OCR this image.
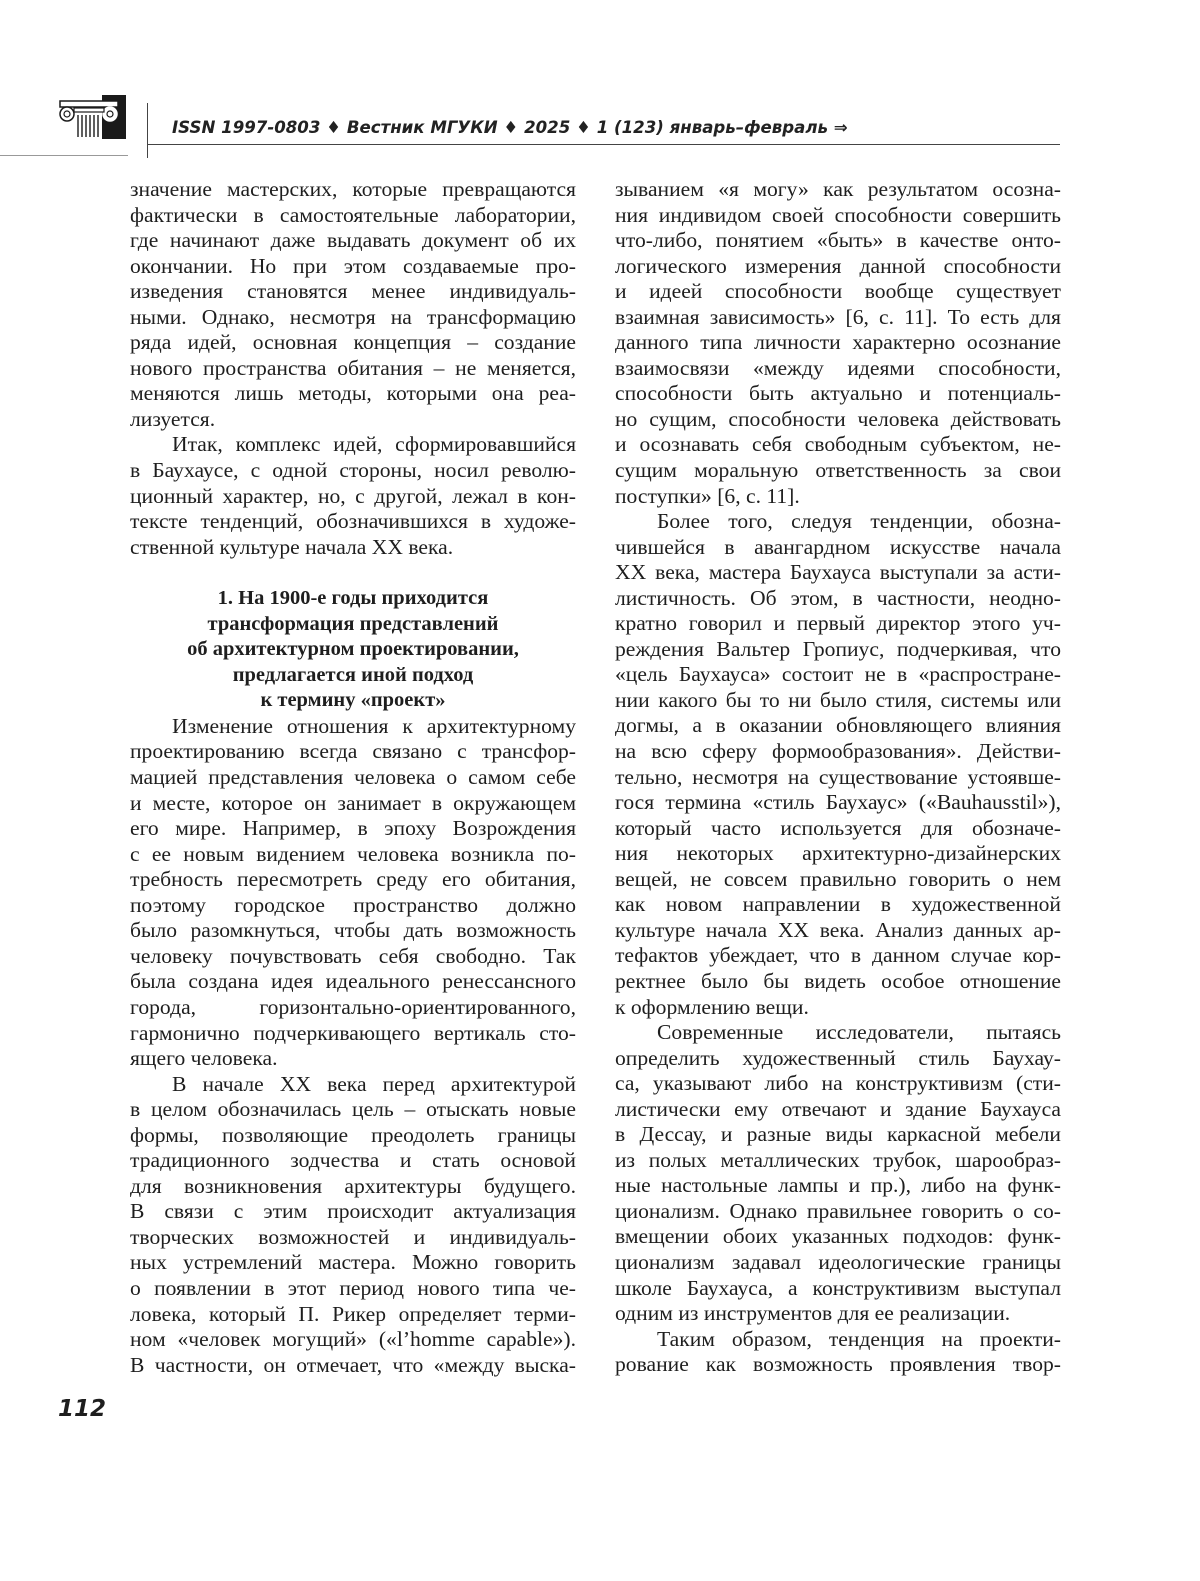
ISSN 1997-0803 ♦ Вестник МГУКИ ♦ 2025 ♦ 1 (123) январь–февраль ⇒
значение мастерских, которые превращаются
фактически в самостоятельные лаборатории,
где начинают даже выдавать документ об их
окончании. Но при этом создаваемые про-
изведения становятся менее индивидуаль-
ными. Однако, несмотря на трансформацию
ряда идей, основная концепция – создание
нового пространства обитания – не меняется,
меняются лишь методы, которыми она реа-
лизуется.
Итак, комплекс идей, сформировавшийся
в Баухаусе, с одной стороны, носил револю-
ционный характер, но, с другой, лежал в кон-
тексте тенденций, обозначившихся в художе-
ственной культуре начала XX века.
1. На 1900-е годы приходится
трансформация представлений
об архитектурном проектировании,
предлагается иной подход
к термину «проект»
Изменение отношения к архитектурному
проектированию всегда связано с трансфор-
мацией представления человека о самом себе
и месте, которое он занимает в окружающем
его мире. Например, в эпоху Возрождения
с ее новым видением человека возникла по-
требность пересмотреть среду его обитания,
поэтому городское пространство должно
было разомкнуться, чтобы дать возможность
человеку почувствовать себя свободно. Так
была создана идея идеального ренессансного
города, горизонтально-ориентированного,
гармонично подчеркивающего вертикаль сто-
ящего человека.
В начале XX века перед архитектурой
в целом обозначилась цель – отыскать новые
формы, позволяющие преодолеть границы
традиционного зодчества и стать основой
для возникновения архитектуры будущего.
В связи с этим происходит актуализация
творческих возможностей и индивидуаль-
ных устремлений мастера. Можно говорить
о появлении в этот период нового типа че-
ловека, который П. Рикер определяет терми-
ном «человек могущий» («l’homme capable»).
В частности, он отмечает, что «между выска-
зыванием «я могу» как результатом осозна-
ния индивидом своей способности совершить
что-либо, понятием «быть» в качестве онто-
логического измерения данной способности
и идеей способности вообще существует
взаимная зависимость» [6, с. 11]. То есть для
данного типа личности характерно осознание
взаимосвязи «между идеями способности,
способности быть актуально и потенциаль-
но сущим, способности человека действовать
и осознавать себя свободным субъектом, не-
сущим моральную ответственность за свои
поступки» [6, с. 11].
Более того, следуя тенденции, обозна-
чившейся в авангардном искусстве начала
XX века, мастера Баухауса выступали за асти-
листичность. Об этом, в частности, неодно-
кратно говорил и первый директор этого уч-
реждения Вальтер Гропиус, подчеркивая, что
«цель Баухауса» состоит не в «распростране-
нии какого бы то ни было стиля, системы или
догмы, а в оказании обновляющего влияния
на всю сферу формообразования». Действи-
тельно, несмотря на существование устоявше-
гося термина «стиль Баухаус» («Bauhausstil»),
который часто используется для обозначе-
ния некоторых архитектурно-дизайнерских
вещей, не совсем правильно говорить о нем
как новом направлении в художественной
культуре начала XX века. Анализ данных ар-
тефактов убеждает, что в данном случае кор-
ректнее было бы видеть особое отношение
к оформлению вещи.
Современные исследователи, пытаясь
определить художественный стиль Баухау-
са, указывают либо на конструктивизм (сти-
листически ему отвечают и здание Баухауса
в Дессау, и разные виды каркасной мебели
из полых металлических трубок, шарообраз-
ные настольные лампы и пр.), либо на функ-
ционализм. Однако правильнее говорить о со-
вмещении обоих указанных подходов: функ-
ционализм задавал идеологические границы
школе Баухауса, а конструктивизм выступал
одним из инструментов для ее реализации.
Таким образом, тенденция на проекти-
рование как возможность проявления твор-
112
